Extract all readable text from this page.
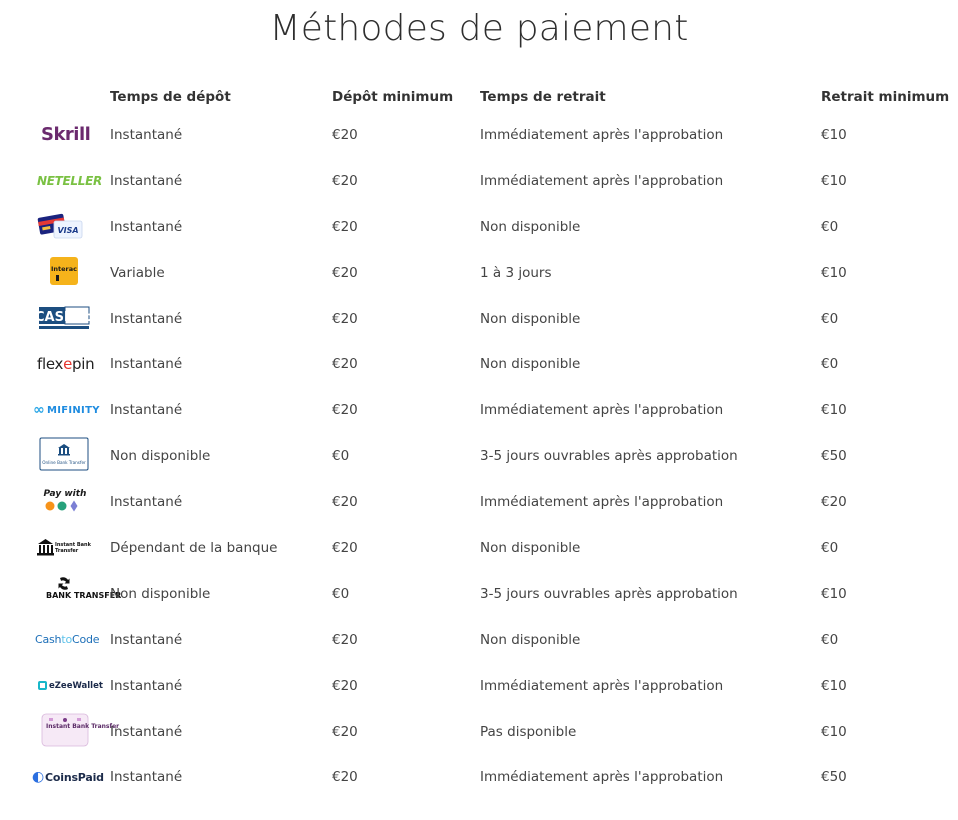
Méthodes de paiement
	Temps de dépôt	Dépôt minimum	Temps de retrait	Retrait minimum
Skrill	Instantané	€20	Immédiatement après l'approbation	€10
NETELLER	Instantané	€20	Immédiatement après l'approbation	€10

VISA	Instantané	€20	Non disponible	€0

Interac	Variable	€20	1 à 3 jours	€10

CASHlib	Instantané	€20	Non disponible	€0
flex e pin	Instantané	€20	Non disponible	€0

∞ MIFINITY	Instantané	€20	Immédiatement après l'approbation	€10

Online Bank Transfer	Non disponible	€0	3-5 jours ouvrables après approbation	€50

Pay with	Instantané	€20	Immédiatement après l'approbation	€20

Instant Bank Transfer	Dépendant de la banque	€20	Non disponible	€0

BANK TRANSFER	Non disponible	€0	3-5 jours ouvrables après approbation	€10
Cash to Code	Instantané	€20	Non disponible	€0

eZeeWallet	Instantané	€20	Immédiatement après l'approbation	€10

Instant Bank Transfer	Instantané	€20	Pas disponible	€10

◐ CoinsPaid	Instantané	€20	Immédiatement après l'approbation	€50
